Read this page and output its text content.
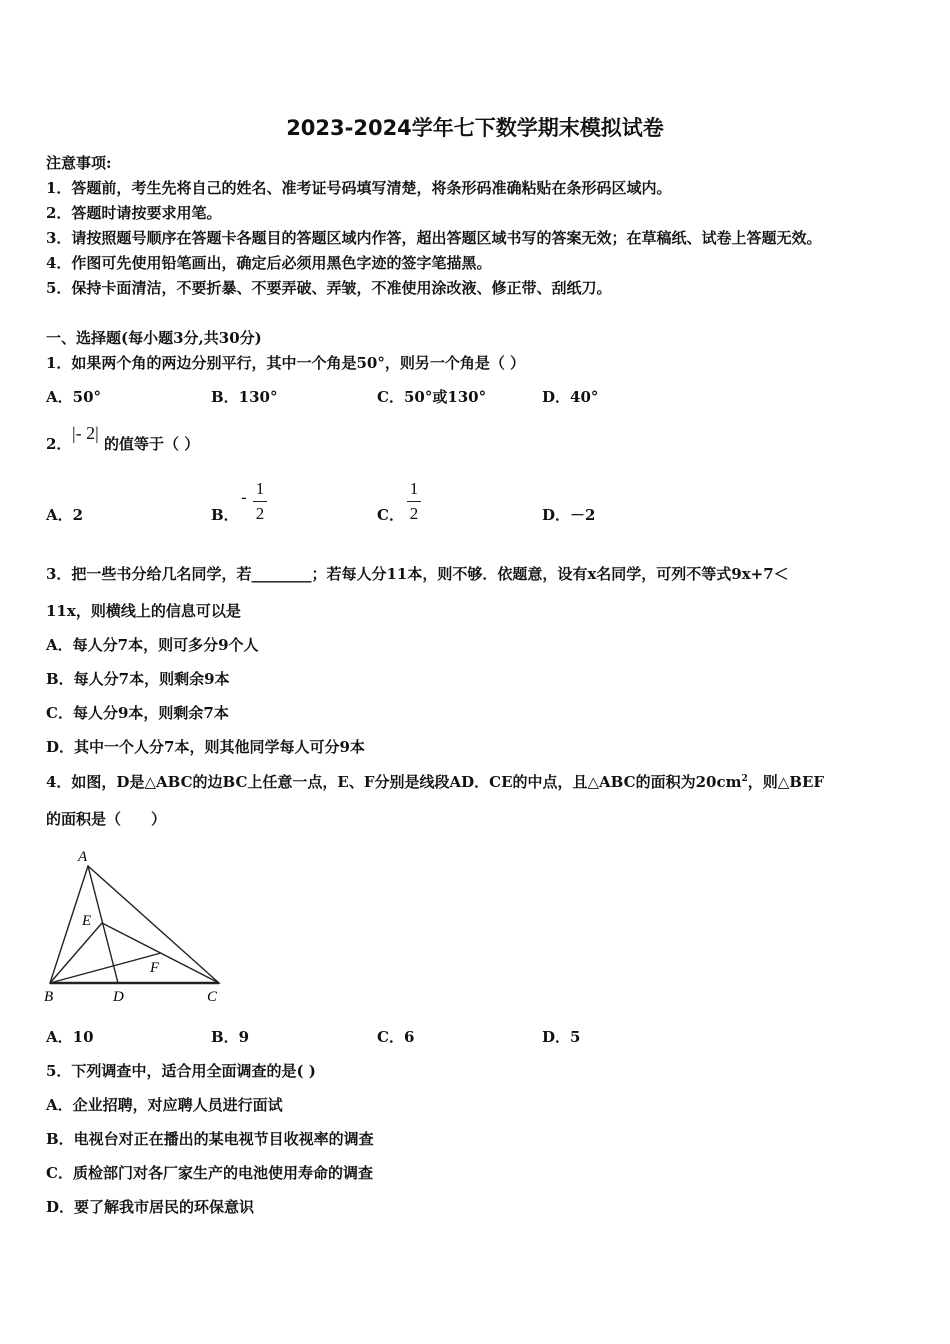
2023-2024学年七下数学期末模拟试卷
注意事项:
1．答题前，考生先将自己的姓名、准考证号码填写清楚，将条形码准确粘贴在条形码区域内。
2．答题时请按要求用笔。
3．请按照题号顺序在答题卡各题目的答题区域内作答，超出答题区域书写的答案无效；在草稿纸、试卷上答题无效。
4．作图可先使用铅笔画出，确定后必须用黑色字迹的签字笔描黑。
5．保持卡面清洁，不要折暴、不要弄破、弄皱，不准使用涂改液、修正带、刮纸刀。
一、选择题(每小题3分,共30分)
1．如果两个角的两边分别平行，其中一个角是50°，则另一个角是（ ）
A．50°	B．130°	C．50°或130°	D．40°
2．
|- 2|
的值等于（ ）
A．2	B．
- 1
2	C．
1
2	D．－2
3．把一些书分给几名同学，若________；若每人分11本，则不够．依题意，设有x名同学，可列不等式9x+7＜
11x，则横线上的信息可以是
A．每人分7本，则可多分9个人
B．每人分7本，则剩余9本
C．每人分9本，则剩余7本
D．其中一个人分7本，则其他同学每人可分9本
4．如图，D是△ABC的边BC上任意一点，E、F分别是线段AD．CE的中点，且△ABC的面积为$20cm^2$，则△BEF
的面积是（　　）
A
E
F
B	D	C
A．10	B．9	C．6	D．5
5．下列调查中，适合用全面调查的是( )
A．企业招聘，对应聘人员进行面试
B．电视台对正在播出的某电视节目收视率的调查
C．质检部门对各厂家生产的电池使用寿命的调查
D．要了解我市居民的环保意识
